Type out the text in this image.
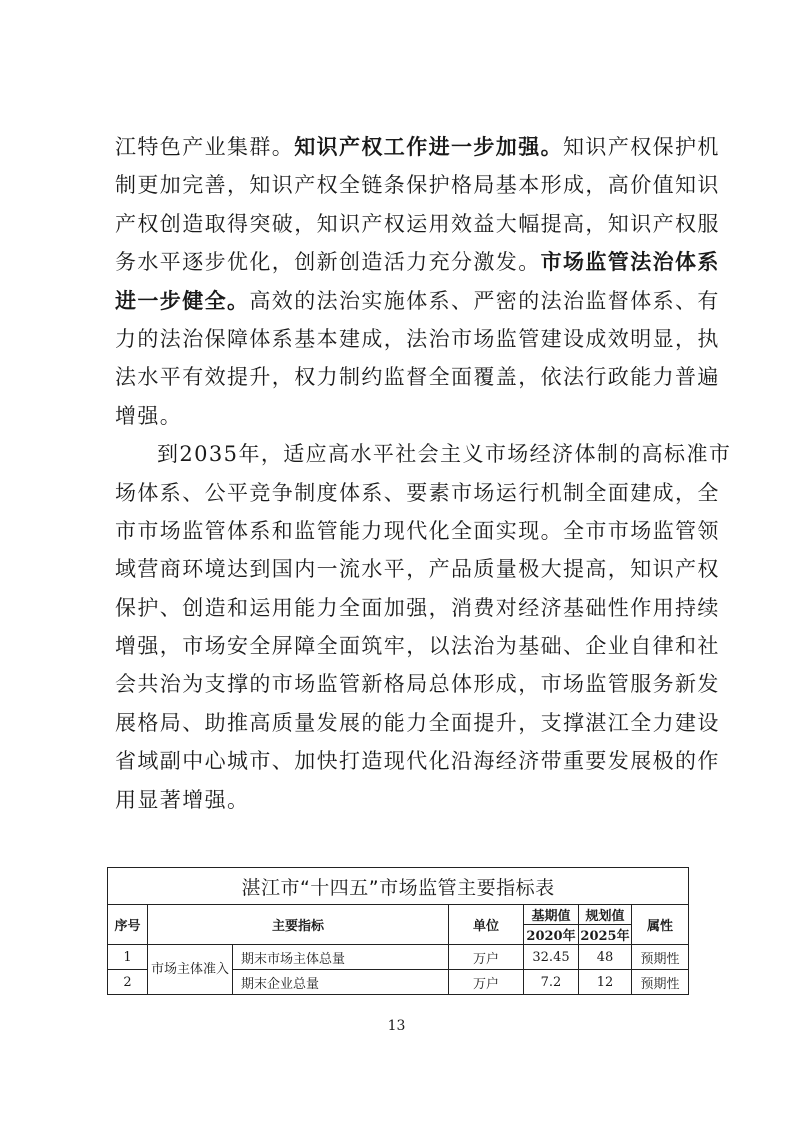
江特色产业集群。知识产权工作进一步加强。知识产权保护机
制更加完善，知识产权全链条保护格局基本形成，高价值知识
产权创造取得突破，知识产权运用效益大幅提高，知识产权服
务水平逐步优化，创新创造活力充分激发。市场监管法治体系
进一步健全。高效的法治实施体系、严密的法治监督体系、有
力的法治保障体系基本建成，法治市场监管建设成效明显，执
法水平有效提升，权力制约监督全面覆盖，依法行政能力普遍
增强。
到2035年，适应高水平社会主义市场经济体制的高标准市
场体系、公平竞争制度体系、要素市场运行机制全面建成，全
市市场监管体系和监管能力现代化全面实现。全市市场监管领
域营商环境达到国内一流水平，产品质量极大提高，知识产权
保护、创造和运用能力全面加强，消费对经济基础性作用持续
增强，市场安全屏障全面筑牢，以法治为基础、企业自律和社
会共治为支撑的市场监管新格局总体形成，市场监管服务新发
展格局、助推高质量发展的能力全面提升，支撑湛江全力建设
省域副中心城市、加快打造现代化沿海经济带重要发展极的作
用显著增强。
湛江市“十四五”市场监管主要指标表						
序号	主要指标		单位	基期值	规划值	属性
				2020年	2025年	
1	市场主体准入	期末市场主体总量	万户	32.45	48	预期性
2		期末企业总量	万户	7.2	12	预期性
13
